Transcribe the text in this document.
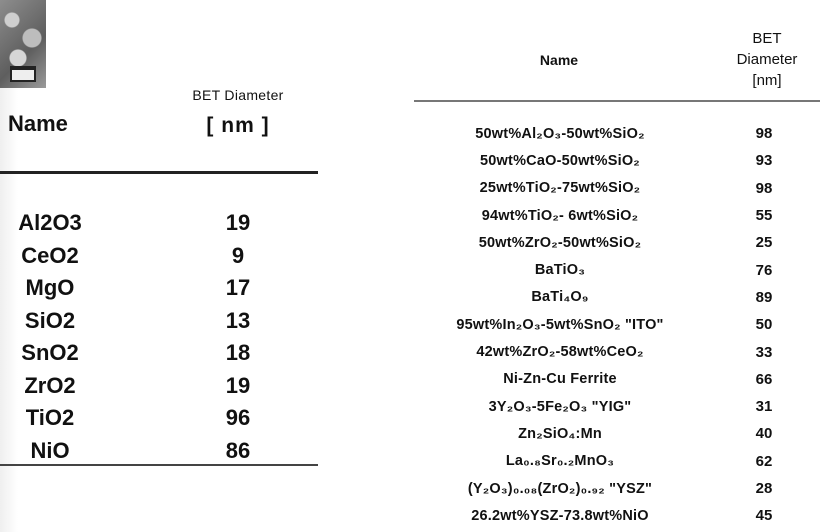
BET Diameter
Name	[ nm ]
Al2O3	19
CeO2	9
MgO	17
SiO2	13
SnO2	18
ZrO2	19
TiO2	96
NiO	86
Name
BET
Diameter
[nm]
50wt%Al₂O₃-50wt%SiO₂	98
50wt%CaO-50wt%SiO₂	93
25wt%TiO₂-75wt%SiO₂	98
94wt%TiO₂- 6wt%SiO₂	55
50wt%ZrO₂-50wt%SiO₂	25
BaTiO₃	76
BaTi₄O₉	89
95wt%In₂O₃-5wt%SnO₂ "ITO"	50
42wt%ZrO₂-58wt%CeO₂	33
Ni-Zn-Cu Ferrite	66
3Y₂O₃-5Fe₂O₃ "YIG"	31
Zn₂SiO₄:Mn	40
La₀.₈Sr₀.₂MnO₃	62
(Y₂O₃)₀.₀₈(ZrO₂)₀.₉₂ "YSZ"	28
26.2wt%YSZ-73.8wt%NiO	45
